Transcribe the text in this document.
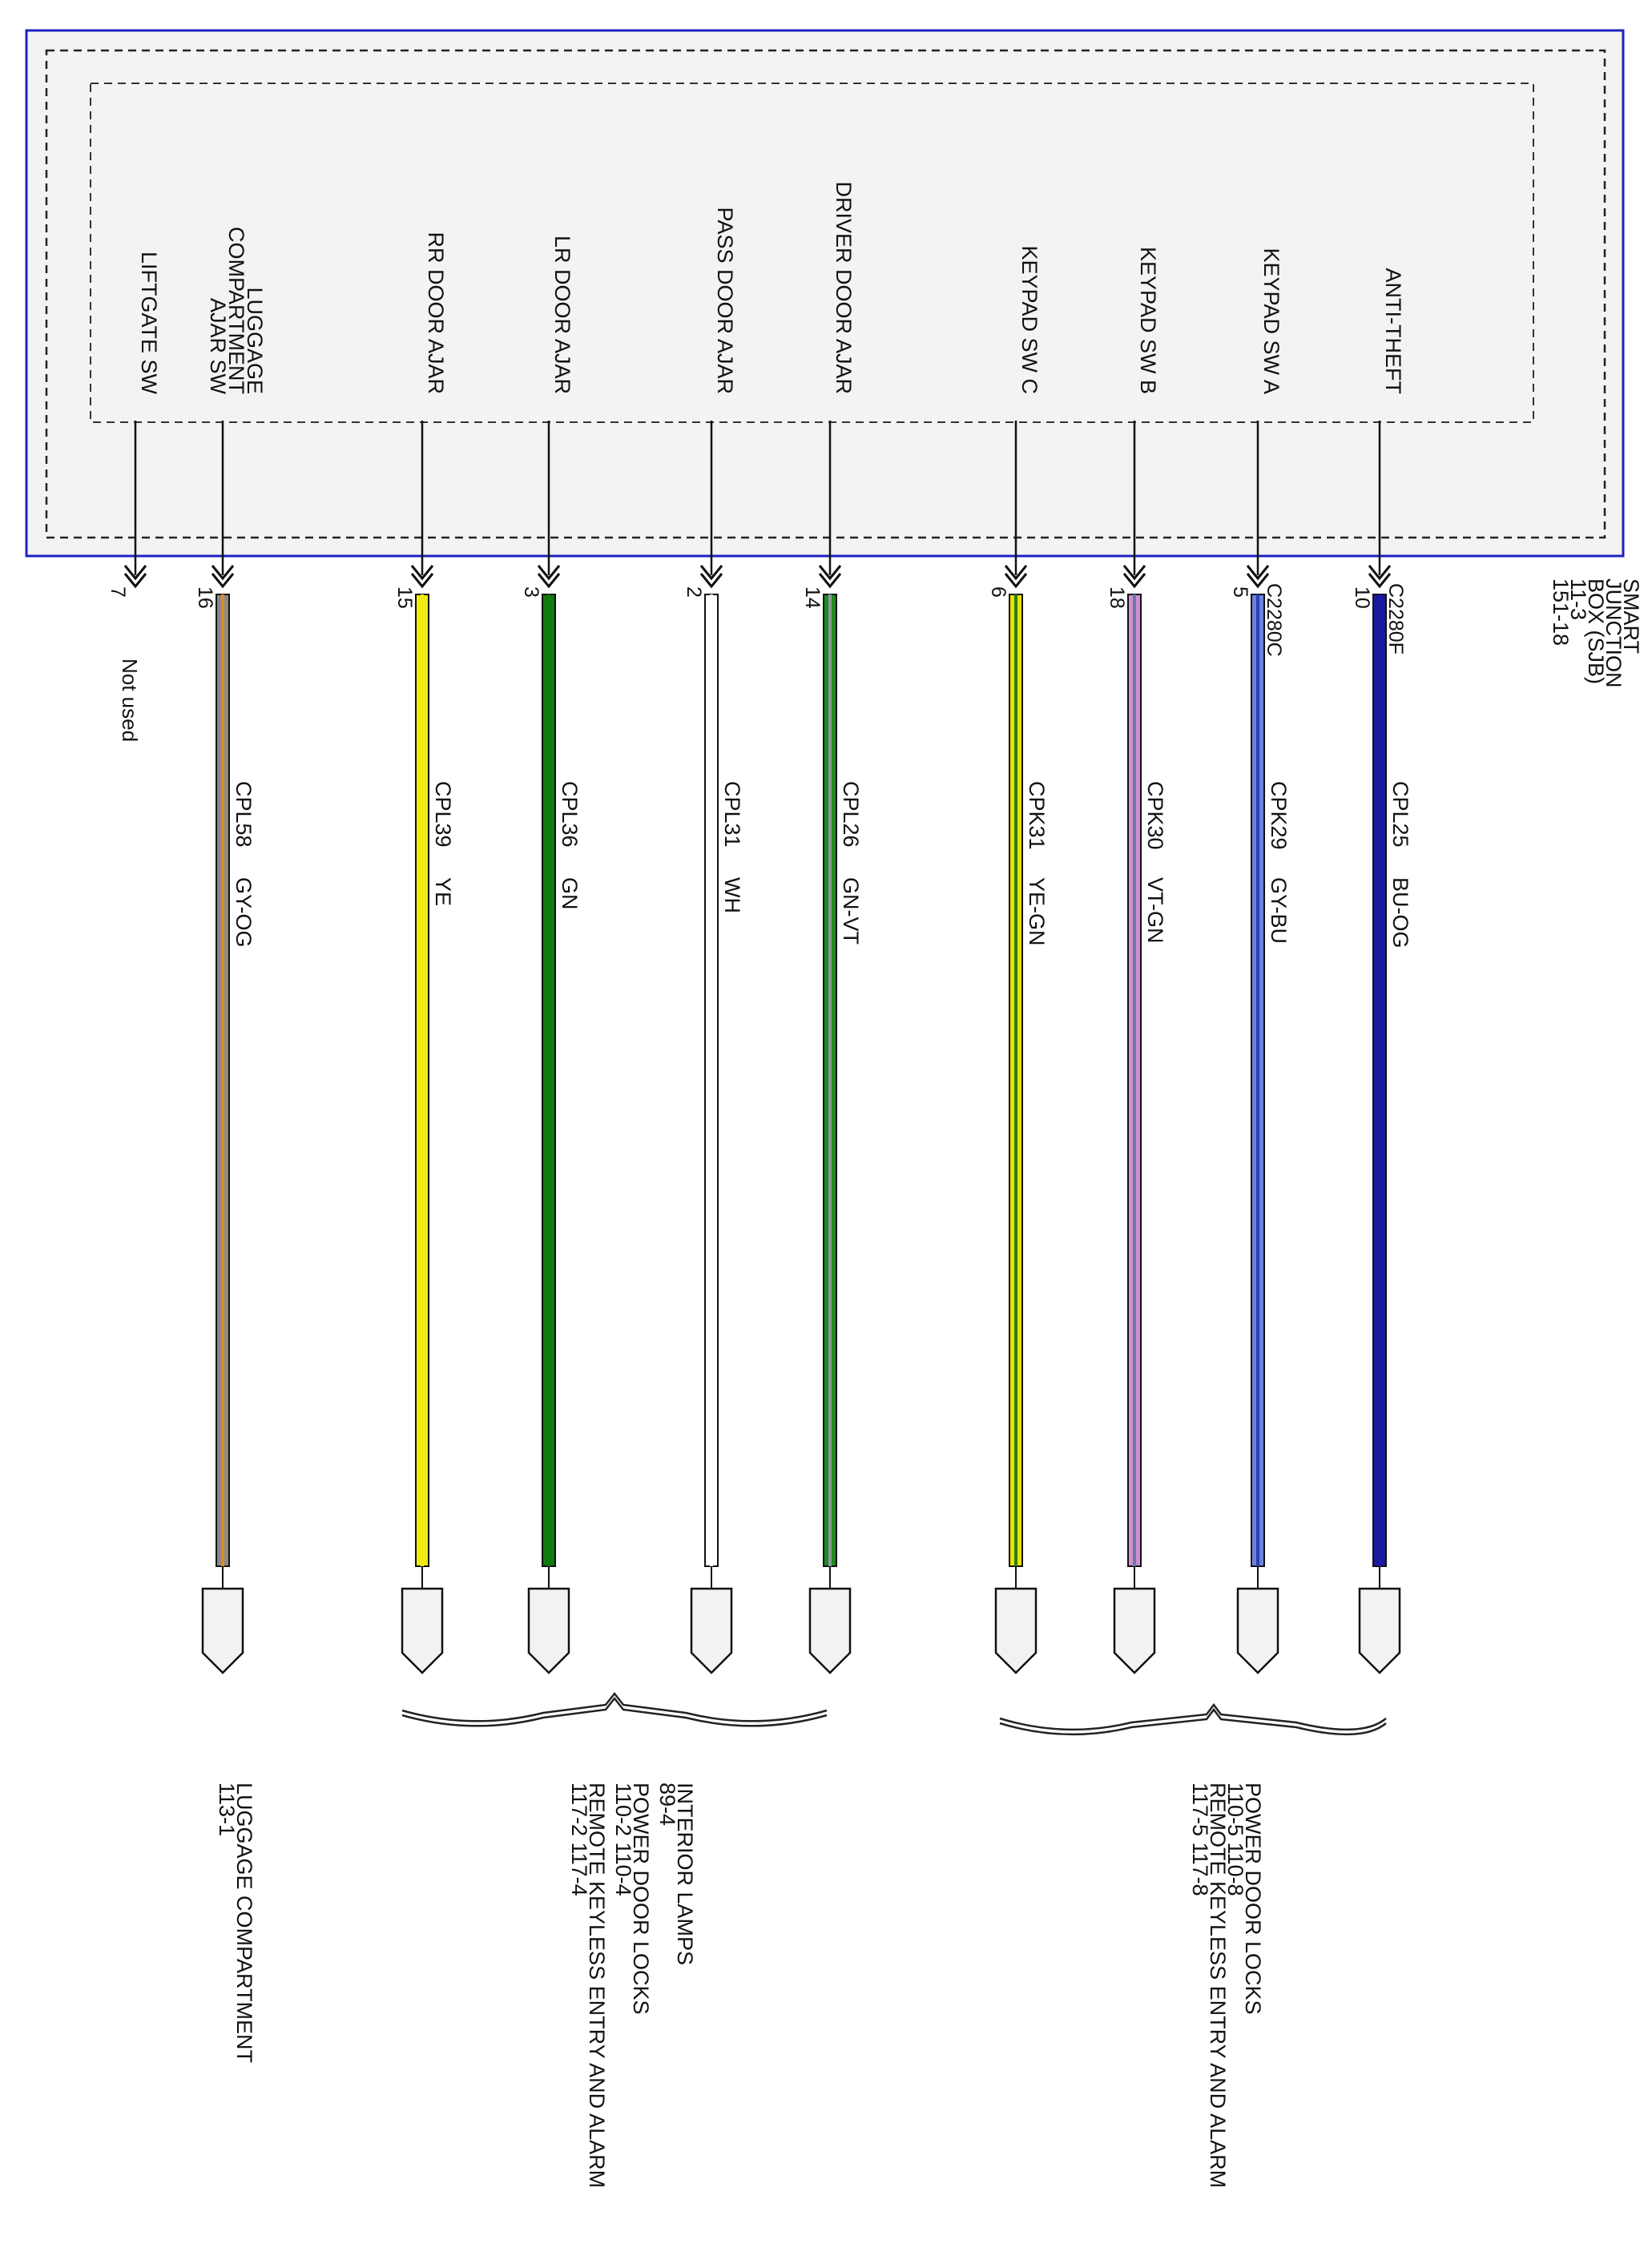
SMART
JUNCTION
BOX (SJB)
11-3
151-18
ANTI-THEFT
10
CPL25
BU-OG
KEYPAD SW A
5
CPK29
GY-BU
KEYPAD SW B
18
CPK30
VT-GN
KEYPAD SW C
6
CPK31
YE-GN
DRIVER DOOR AJAR
14
CPL26
GN-VT
PASS DOOR AJAR
2
CPL31
WH
LR DOOR AJAR
3
CPL36
GN
RR DOOR AJAR
15
CPL39
YE
LUGGAGE
COMPARTMENT
AJAR SW
16
CPL58
GY-OG
LIFTGATE SW
7
Not used
C2280F
C2280C
POWER DOOR LOCKS
110-5 110-8
REMOTE KEYLESS ENTRY AND ALARM
117-5 117-8
INTERIOR LAMPS
89-4
POWER DOOR LOCKS
110-2 110-4
REMOTE KEYLESS ENTRY AND ALARM
117-2 117-4
LUGGAGE COMPARTMENT
113-1
